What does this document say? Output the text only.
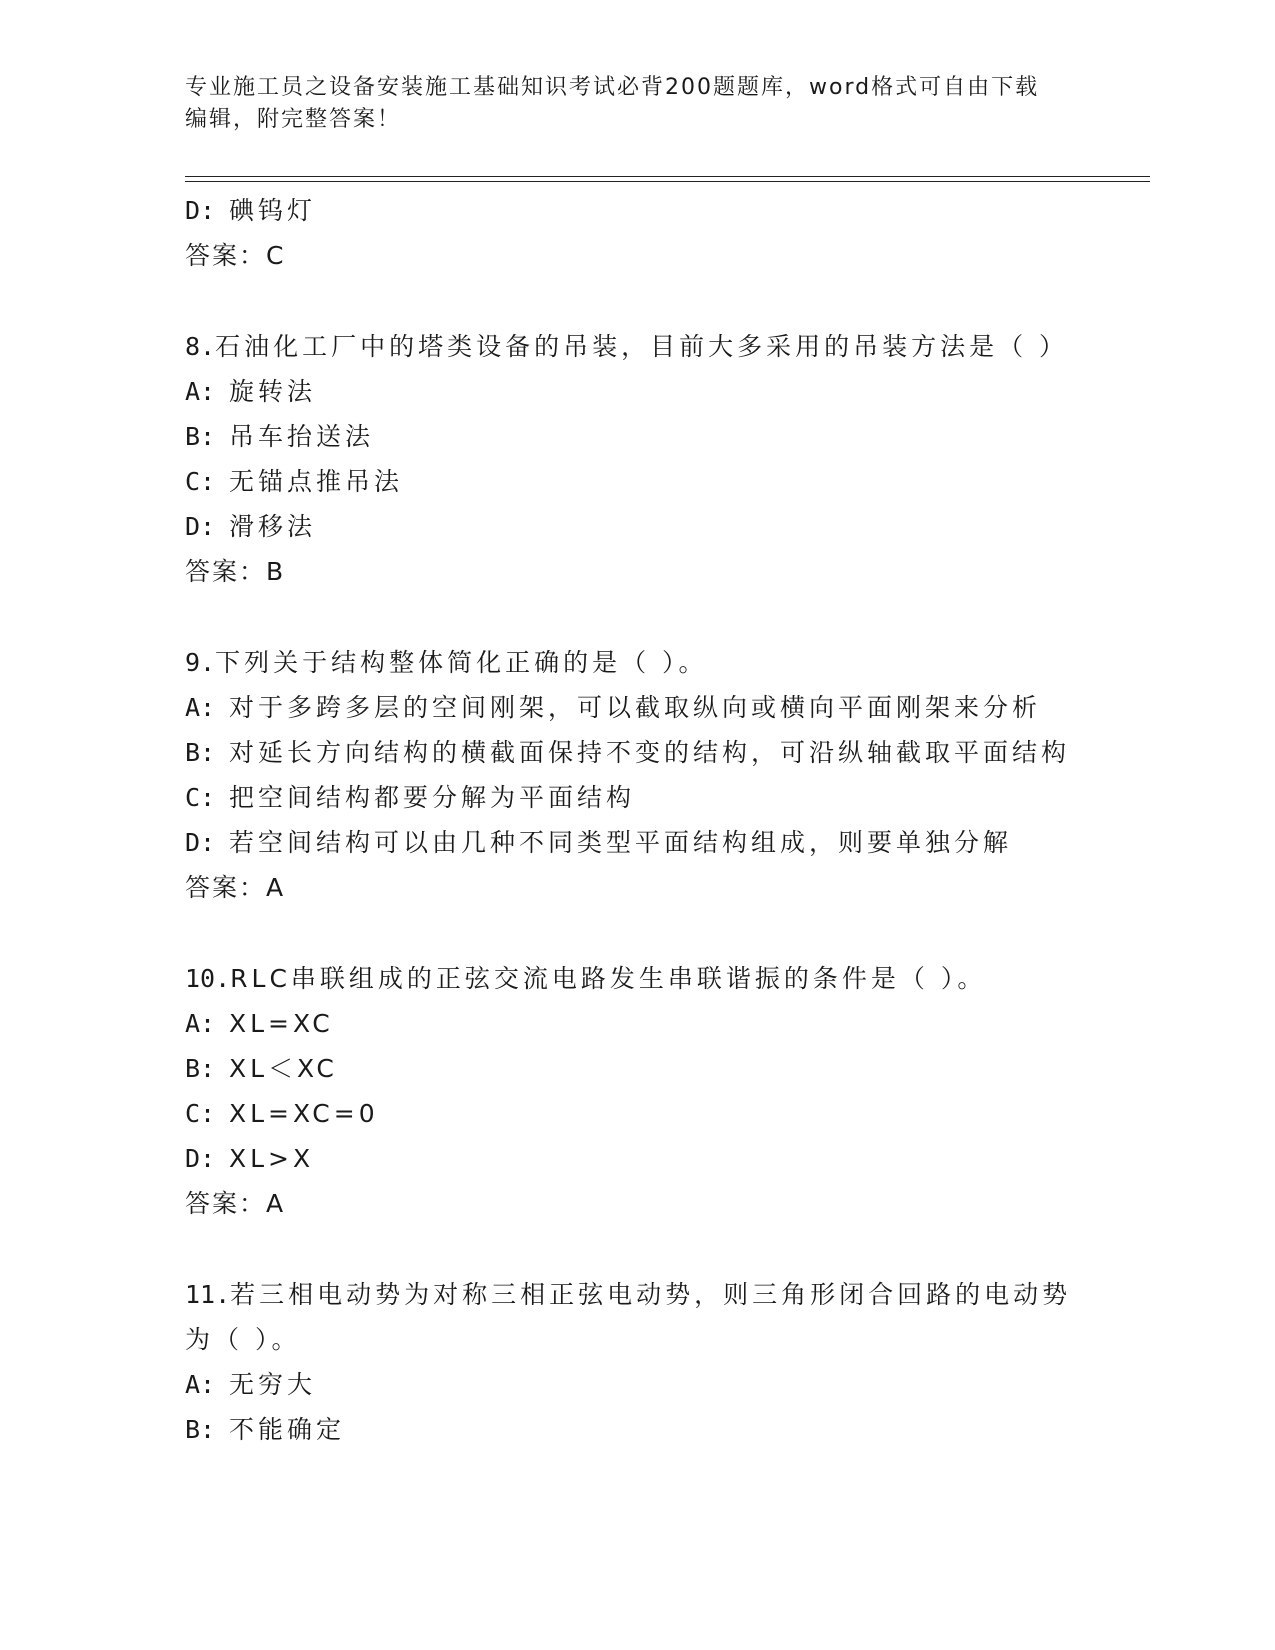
专业施工员之设备安装施工基础知识考试必背200题题库，word格式可自由下载
编辑，附完整答案！
D: 碘钨灯
答案：C
8.石油化工厂中的塔类设备的吊装，目前大多采用的吊装方法是（ ）
A: 旋转法
B: 吊车抬送法
C: 无锚点推吊法
D: 滑移法
答案：B
9.下列关于结构整体简化正确的是（ ）。
A: 对于多跨多层的空间刚架，可以截取纵向或横向平面刚架来分析
B: 对延长方向结构的横截面保持不变的结构，可沿纵轴截取平面结构
C: 把空间结构都要分解为平面结构
D: 若空间结构可以由几种不同类型平面结构组成，则要单独分解
答案：A
10.RLC串联组成的正弦交流电路发生串联谐振的条件是（ ）。
A: XL=XC
B: XL＜XC
C: XL=XC=0
D: XL>X
答案：A
11.若三相电动势为对称三相正弦电动势，则三角形闭合回路的电动势
为（ ）。
A: 无穷大
B: 不能确定
